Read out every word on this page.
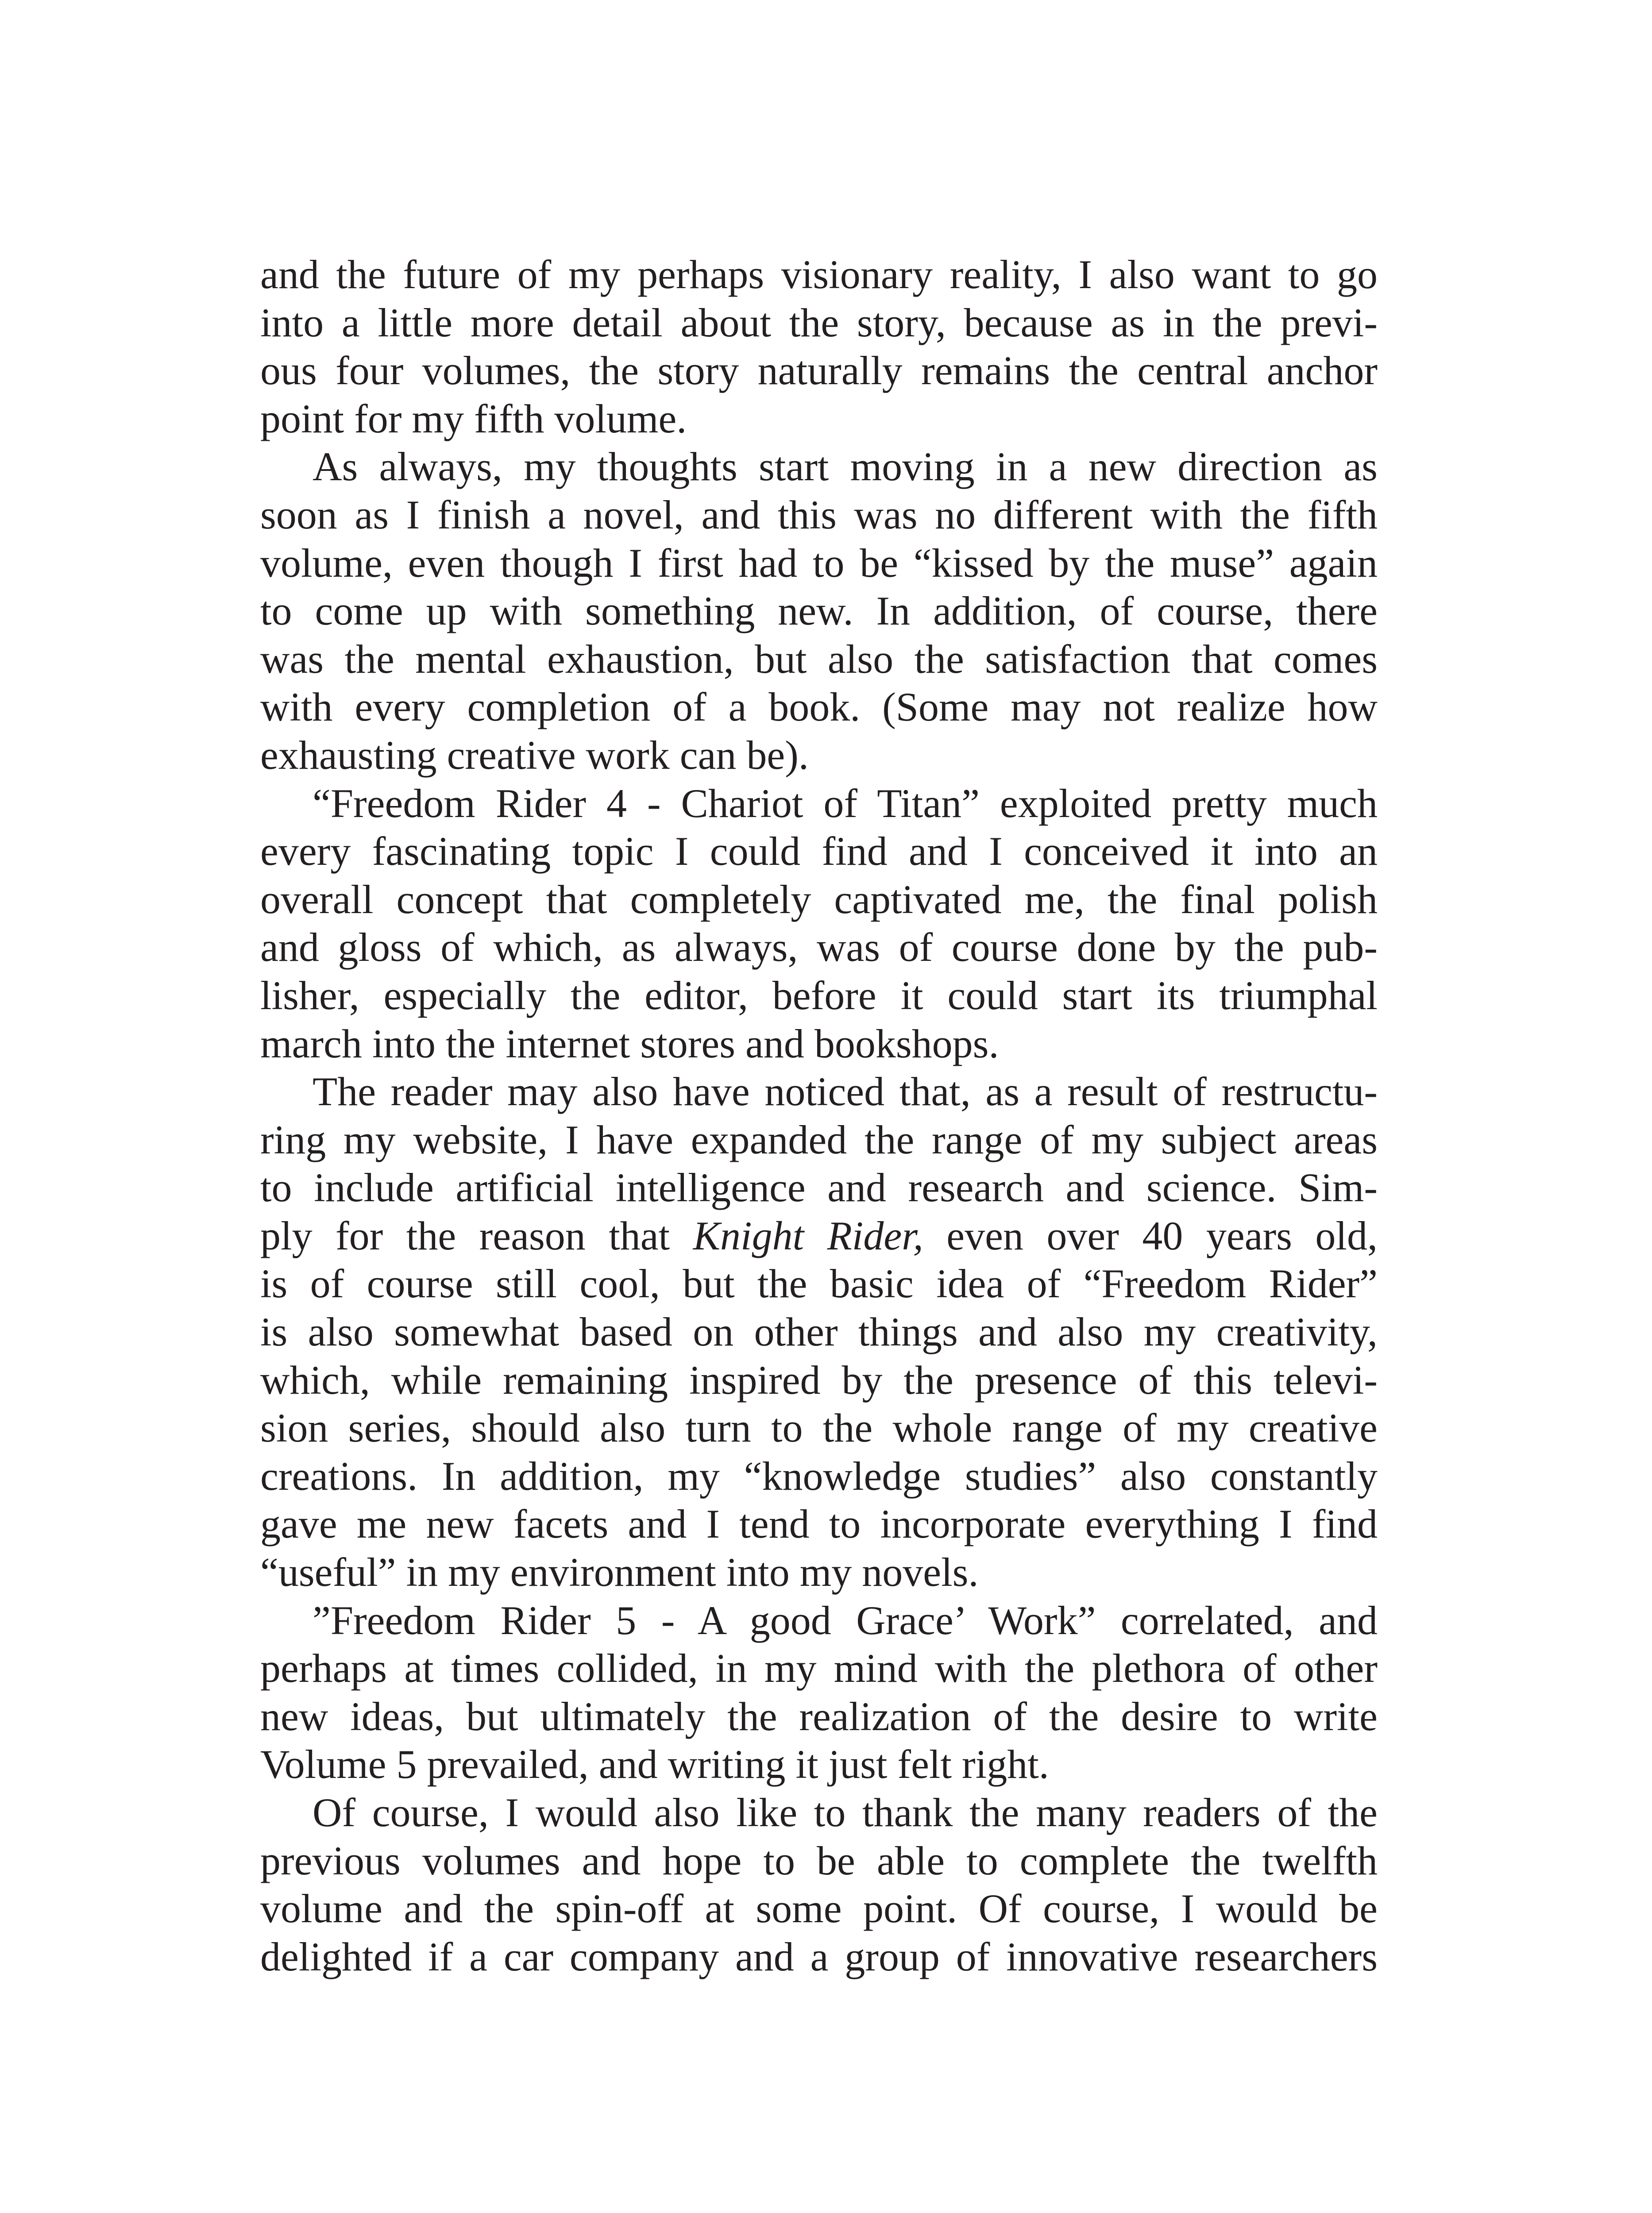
and the future of my perhaps visionary reality, I also want to go
into a little more detail about the story, because as in the previ-
ous four volumes, the story naturally remains the central anchor
point for my fifth volume.
As always, my thoughts start moving in a new direction as
soon as I finish a novel, and this was no different with the fifth
volume, even though I first had to be “kissed by the muse” again
to come up with something new. In addition, of course, there
was the mental exhaustion, but also the satisfaction that comes
with every completion of a book. (Some may not realize how
exhausting creative work can be).
“Freedom Rider 4 - Chariot of Titan” exploited pretty much
every fascinating topic I could find and I conceived it into an
overall concept that completely captivated me, the final polish
and gloss of which, as always, was of course done by the pub-
lisher, especially the editor, before it could start its triumphal
march into the internet stores and bookshops.
The reader may also have noticed that, as a result of restructu-
ring my website, I have expanded the range of my subject areas
to include artificial intelligence and research and science. Sim-
ply for the reason that Knight Rider, even over 40 years old,
is of course still cool, but the basic idea of “Freedom Rider”
is also somewhat based on other things and also my creativity,
which, while remaining inspired by the presence of this televi-
sion series, should also turn to the whole range of my creative
creations. In addition, my “knowledge studies” also constantly
gave me new facets and I tend to incorporate everything I find
“useful” in my environment into my novels.
”Freedom Rider 5 - A good Grace’ Work” correlated, and
perhaps at times collided, in my mind with the plethora of other
new ideas, but ultimately the realization of the desire to write
Volume 5 prevailed, and writing it just felt right.
Of course, I would also like to thank the many readers of the
previous volumes and hope to be able to complete the twelfth
volume and the spin-off at some point. Of course, I would be
delighted if a car company and a group of innovative researchers
